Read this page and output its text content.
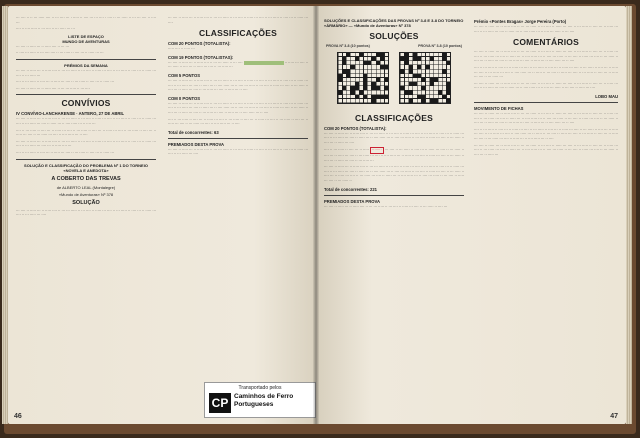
··· ···· ·· ·· ··· ····· ···· ·· ··· ···· ··· · ····· ·· ···· ··· ··· ···· · ···· ·· ··· ····· ·· ··· ··· ···· ·· ···· ···

···· ·· ···· ····· ·· ··· ···· ·· ··· ····· ··· ···

LISTE DE ESPAÇO
MUNDO DE AVENTURAS

··· ···· ·· ····· ··· ·· ····· ···· ·· ··· ···

·· ···· ··· ····· ·· ··· ···· ···· ·· ··· ····· ·· ···· ··· ·· ····· ··· ···

PRÉMIOS DA SEMANA

··· ···· ·· ····· ··· ·· ····· ···· ·· ··· ··· ····· ·· ··· ···· ·· ····· ··· ···· ·· ··· ····· ·· ···· ··· ·· ····· ··· ···· ·· ··· ····· ···

···· ·· ··· ····· ·· ···· ··· ·· ····· ··· ···· ·· ··· ····· ·· ···· ··· ·· ····· ···

··· ···· ·· ····· ··· ·· ····· ···· ·· ··· ··· ····· ·· ··· ····

CONVÍVIOS
IV CONVÍVIO-LANCHARENSE · ANTERO, 27 DE ABRIL

··· ···· ·· ····· ··· ·· ····· ···· ·· ··· ··· ····· ·· ··· ···· ·· ····· ··· ···· ·· ··· ····· ·· ···· ··· ·· ····· ··· ···· ·· ··· ····· ··· ···· ·· ····· ··· ·· ···· ····· ··· ·· ···· ···

···· ·· ··· ····· ·· ···· ··· ·· ····· ··· ···· ·· ··· ····· ·· ···· ··· ·· ····· ··· ···· ·· ··· ····· ·· ···· ··· ·· ····· ··· ···· ·· ··· ····· ··· ···· ·· ···· ····· ··· ·· ····

··· ···· ·· ····· ··· ·· ····· ···· ·· ··· ··· ····· ·· ··· ···· ·· ····· ··· ···· ·· ··· ····· ·· ···· ··· ·· ····· ··· ···· ·· ··· ····· ··· ···· ··· ·· ····· ···· ···

···· ·· ··· ····· ·· ···· ··· ·· ····· ··· ···· ·· ··· ····· ·· ···· ··· ·· ····· ···

SOLUÇÃO E CLASSIFICAÇÃO DO PROBLEMA Nº 1 DO TORNEIO «NOVELA E ANEDOTA»
A COBERTO DAS TREVAS
de ALBERTO LEAL (Montalegre)
«Mundo de Aventuras» Nº 378
SOLUÇÃO

··· ···· ·· ····· ··· ·· ····· ···· ·· ··· ··· ····· ·· ··· ···· ·· ····· ··· ···· ·· ··· ····· ·· ···· ··· ·· ····· ··· ···· ·· ··· ····· ··· ····

··· ···· ·· ····· ··· ·· ····· ···· ·· ··· ··· ····· ·· ··· ···· ·· ····· ··· ···· ·· ··· ····· ·· ···· ··· ·· ····· ··· ····

CLASSIFICAÇÕES
COM 20 PONTOS (TOTALISTA):

····· ···· ·· ····· ···

COM 19 PONTOS (TOTALISTAS):

··· ···· ·· ····· ··· ·· ····· ···· ·· ··· ··· ····· ·· ··· ····	·· ····· ··· ···· ·· ··· ····· ·· ···· ··· ·· ····· ··· ···· ·· ··· ····· ···

COM 5 PONTOS

··· ···· ·· ····· ··· ·· ····· ···· ·· ··· ··· ····· ·· ··· ···· ·· ····· ··· ···· ·· ··· ····· ·· ···· ··· ·· ····· ··· ···· ·· ··· ····· ··· ···· ·· ····· ··· ·· ···· ····· ··· ·· ···· ··· ····· ·· ··· ···· ·· ····· ··· ···· ·· ··· ····· ·· ···· ··· ·· ····· ··· ···· ·· ··· ····· ··· ···· ·· ····· ··· ·· ····

COM 0 PONTOS

··· ···· ·· ····· ··· ·· ····· ···· ·· ··· ··· ····· ·· ··· ···· ·· ····· ··· ···· ·· ··· ····· ·· ···· ··· ·· ····· ··· ···· ·· ··· ····· ··· ···· ·· ····· ··· ·· ···· ····· ··· ·· ···· ··· ····· ·· ··· ···· ·· ····· ··· ···· ·· ··· ····· ·· ···· ··· ·· ····· ··· ···· ·· ··· ····· ··· ···· ·· ····· ··· ·· ···· ····· ··· ·· ····

···· ·· ··· ····· ·· ···· ··· ·· ····· ··· ···· ·· ··· ····· ·· ···· ··· ·· ····· ··· ···· ·· ··· ····· ·· ···· ··· ·· ····· ··· ···· ·· ··· ····· ··· ···· ·· ···· ····· ··· ·· ····

Total de concorrentes: 63
PREMIADOS DESTA PROVA

··· ···· ·· ····· ··· ·· ····· ···· ·· ··· ··· ····· ·· ··· ···· ·· ····· ··· ···· ·· ··· ····· ·· ···· ··· ·· ····· ··· ···· ·· ··· ····· ··· ····

Transportado pelos
CP Caminhos de Ferro Portugueses
46
SOLUÇÕES E CLASSIFICAÇÕES DAS PROVAS Nº 3-8 E 3-8 DO TORNEIO «ÁRMÁRIO» — «Mundo de Aventuras» Nº 378
SOLUÇÕES
PROVA Nº 3-8 (10 pontos)	PROVA Nº 3-8 (10 pontos)

CLASSIFICAÇÕES
COM 20 PONTOS (TOTALISTA):

··· ···· ·· ····· ··· ·· ····· ···· ·· ··· ··· ····· ·· ··· ···· ·· ····· ··· ···· ·· ··· ····· ·· ···· ··· ·· ····· ··· ···· ·· ··· ····· ··· ···· ·· ····· ··· ·· ···· ····· ··· ·· ···· ··· ····· ·· ··· ···· ·· ····· ··· ···· ·· ··· ····· ·· ···· ··· ·· ····· ··· ····

···· ·· ··· ····· ·· ···· ··· ·· ····· ········ ··· ···· ·· ··· ····· ·· ···· ··· ·· ····· ··· ···· ·· ··· ····· ·· ···· ··· ·· ····· ··· ···· ·· ··· ····· ··· ···· ·· ···· ····· ··· ·· ····· ·· ··· ···· ·· ····· ··· ···· ·· ··· ····· ·· ···· ··· ·· ····· ··· ···· ·· ··· ····· ···

··· ···· ·· ····· ··· ·· ····· ···· ·· ··· ··· ····· ·· ··· ···· ·· ····· ··· ···· ·· ··· ····· ·· ···· ··· ·· ····· ··· ···· ·· ··· ····· ··· ···· ·· ····· ··· ·· ···· ····· ··· ·· ···· ··· ····· ·· ··· ···· ·· ····· ··· ···· ·· ··· ····· ·· ···· ··· ·· ····· ··· ···· ·· ··· ····· ··· ···· ·· ····· ··· ·· ···· ····· ··· ·· ···· ··· ····· ·· ··· ···· ·· ····· ··· ···· ·· ··· ····· ··

Total de concorrentes: 221
PREMIADOS DESTA PROVA

··· ···· ·· ····· ··· ·· ····· ···· ·· ··· ··· ····· ·· ··· ···· ·· ····· ··· ···· ·· ··· ····· ·· ···· ···

Prémio «Pontes Bragas» Jorge Pereira (Porto)

··· ···· ·· ····· ··· ·· ····· ···· ·· ··· ··· ····· ·· ··· ···· ·· ····· ··· ···· ·· ··· ····· ·· ···· ··· ·· ····· ··· ···· ·· ··· ····· ··· ···· ·· ····· ··· ·· ···· ····· ··· ·· ···· ··· ····· ·· ··· ····

COMENTÁRIOS

··· ···· ·· ····· ··· ·· ····· ···· ·· ··· ··· ····· ·· ··· ···· ·· ····· ··· ···· ·· ··· ····· ·· ···· ··· ·· ····· ··· ···· ·· ··· ····· ··· ···· ·· ····· ··· ·· ···· ····· ··· ·· ···· ··· ····· ·· ··· ···· ·· ····· ··· ···· ·· ··· ····· ·· ···· ··· ·· ····· ··· ···· ·· ··· ····· ··· ···· ·· ····· ··· ·· ···· ····· ··· ·· ····

···· ·· ··· ····· ·· ···· ··· ·· ····· ··· ···· ·· ··· ····· ·· ···· ··· ·· ····· ··· ···· ·· ··· ····· ·· ···· ··· ·· ····· ··· ···· ·· ··· ····· ··· ···· ·· ···· ····· ··· ·· ····· ·· ··· ···· ·· ····· ··· ···· ·· ··· ····· ·· ···· ··· ·· ····· ··· ···· ·· ··· ····· ···

··· ···· ·· ····· ··· ·· ····· ···· ·· ··· ··· ····· ·· ··· ···· ·· ····· ··· ···· ·· ··· ····· ·· ···· ··· ·· ····· ··· ···· ·· ··· ····· ··· ···· ·· ····· ··· ·· ···· ····· ··· ·· ···· ··· ····· ·· ··· ···· ·· ····· ··· ····

LOBO MAU
MOVIMENTO DE FICHAS

··· ···· ·· ····· ··· ·· ····· ···· ·· ··· ··· ····· ·· ··· ···· ·· ····· ··· ···· ·· ··· ····· ·· ···· ··· ·· ····· ··· ···· ·· ··· ····· ··· ···· ·· ····· ··· ·· ···· ····· ··· ·· ···· ··· ····· ·· ··· ···· ·· ····· ··· ···· ·· ··· ····· ·· ···· ··· ·· ····· ··· ···· ·· ··· ····· ··· ···· ·· ····· ··· ·· ···· ····· ··· ·· ····

···· ·· ··· ····· ·· ···· ··· ·· ····· ··· ···· ·· ··· ····· ·· ···· ··· ·· ····· ··· ···· ·· ··· ····· ·· ···· ··· ·· ····· ··· ···· ·· ··· ····· ··· ···· ·· ···· ····· ··· ·· ····· ·· ··· ···· ·· ····· ··· ···· ·· ··· ····· ·· ···· ··· ·· ····· ··· ···· ·· ··· ····· ··· ···· ·· ····· ··· ·· ···· ····· ··· ·· ····

··· ···· ·· ····· ··· ·· ····· ···· ·· ··· ··· ····· ·· ··· ···· ·· ····· ··· ···· ·· ··· ····· ·· ···· ··· ·· ····· ··· ···· ·· ··· ····· ··· ···· ·· ····· ··· ·· ···· ····· ··· ·· ···· ··· ····· ·· ··· ···· ·· ····· ··· ···· ·· ··· ····· ·· ···· ··· ·· ····· ···

47
